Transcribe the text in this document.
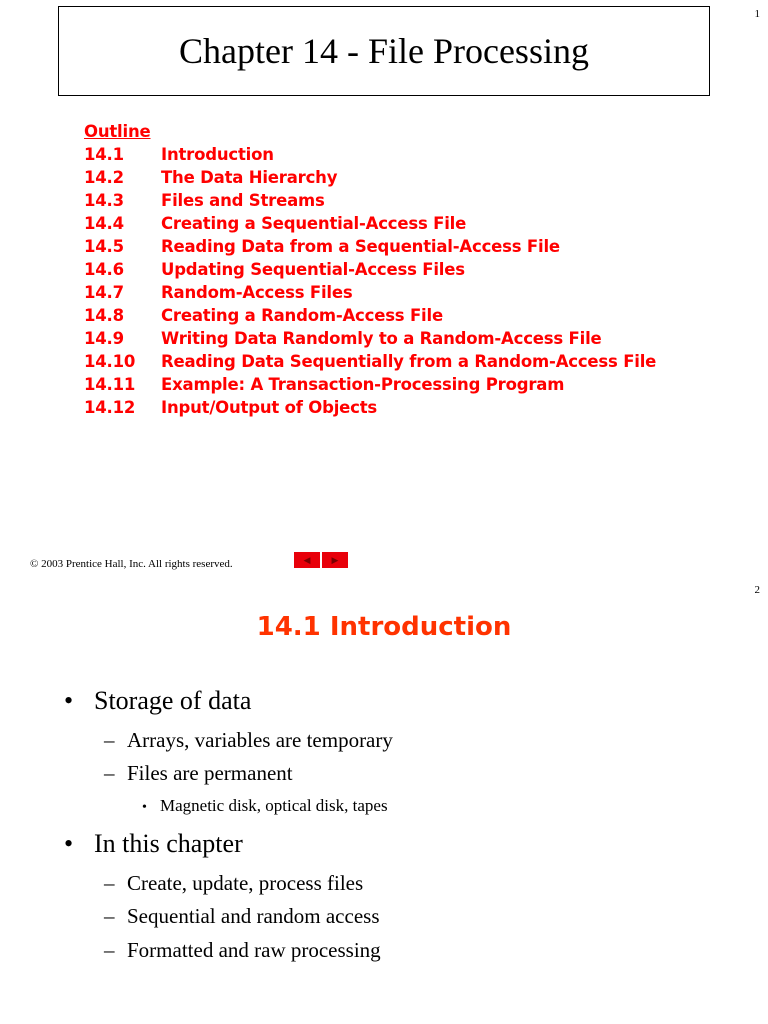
1
Chapter 14 - File Processing
Outline
14.1	Introduction
14.2	The Data Hierarchy
14.3	Files and Streams
14.4	Creating a Sequential-Access File
14.5	Reading Data from a Sequential-Access File
14.6	Updating Sequential-Access Files
14.7	Random-Access Files
14.8	Creating a Random-Access File
14.9	Writing Data Randomly to a Random-Access File
14.10	Reading Data Sequentially from a Random-Access File
14.11	Example: A Transaction-Processing Program
14.12	Input/Output of Objects
© 2003 Prentice Hall, Inc. All rights reserved.	◀ ▶
2
14.1 Introduction
• Storage of data
– Arrays, variables are temporary
– Files are permanent
• Magnetic disk, optical disk, tapes
• In this chapter
– Create, update, process files
– Sequential and random access
– Formatted and raw processing
